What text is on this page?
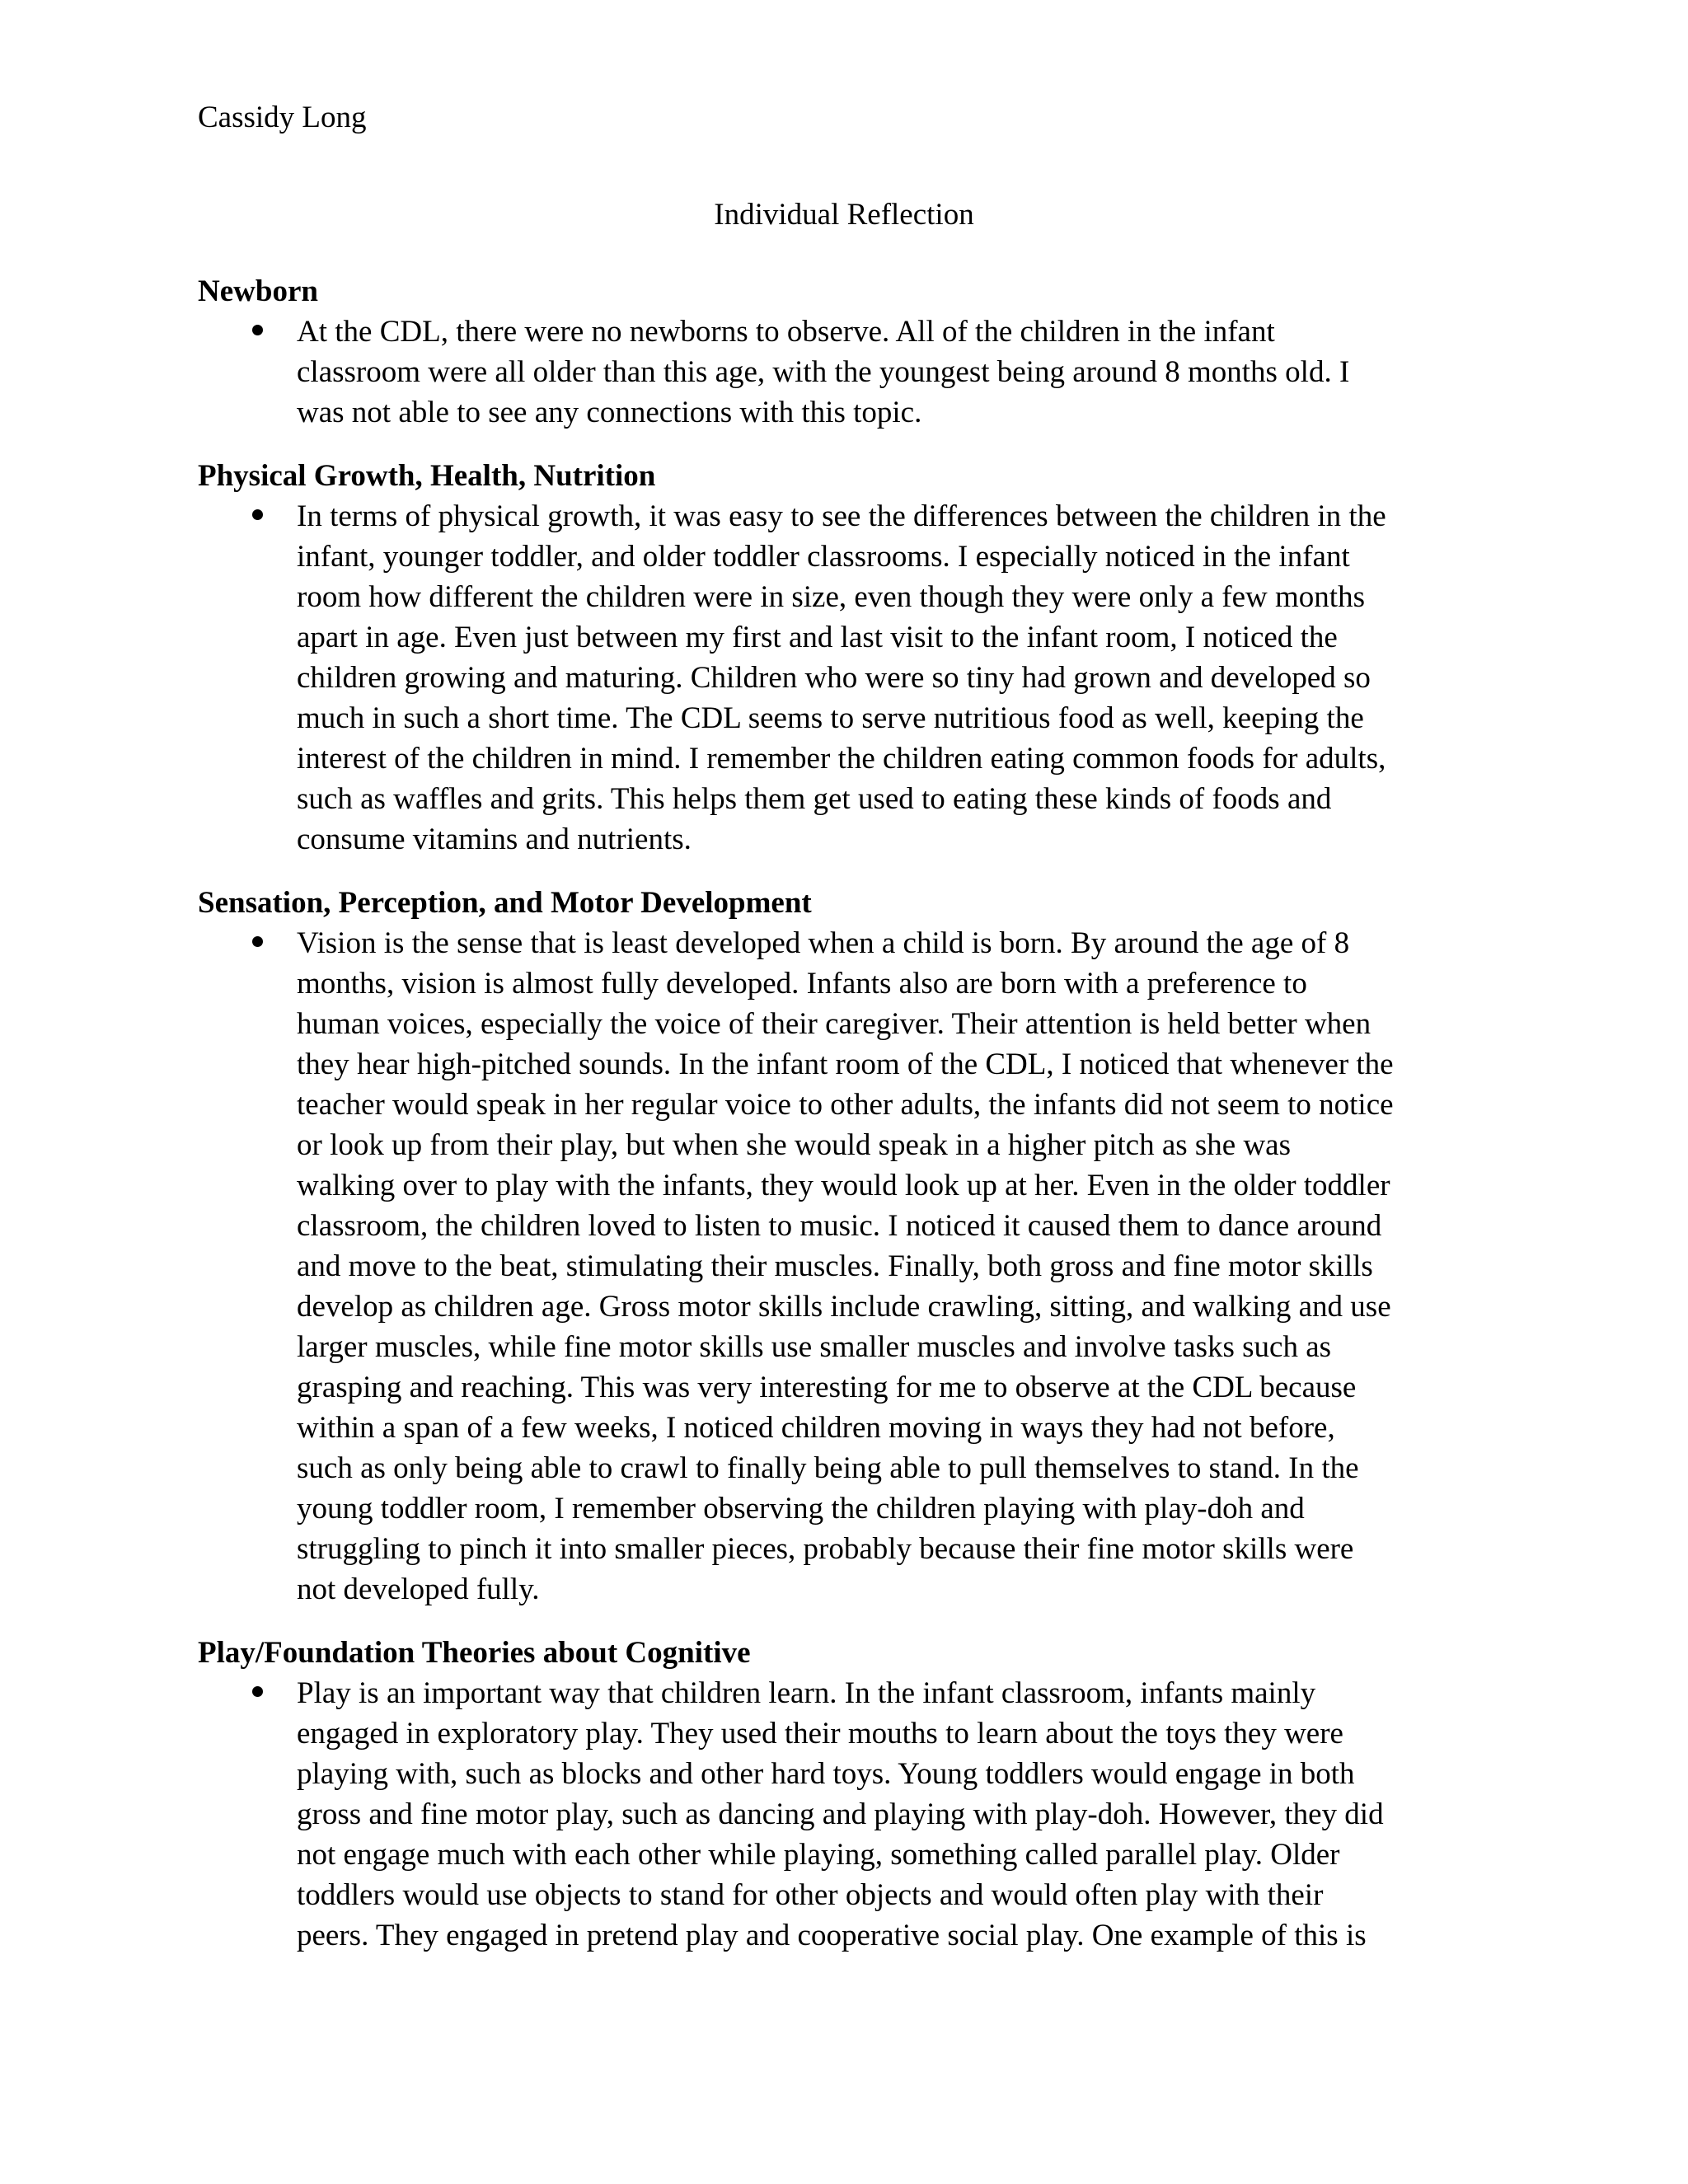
Cassidy Long
Individual Reflection
Newborn
At the CDL, there were no newborns to observe. All of the children in the infant
classroom were all older than this age, with the youngest being around 8 months old. I
was not able to see any connections with this topic.
Physical Growth, Health, Nutrition
In terms of physical growth, it was easy to see the differences between the children in the
infant, younger toddler, and older toddler classrooms. I especially noticed in the infant
room how different the children were in size, even though they were only a few months
apart in age. Even just between my first and last visit to the infant room, I noticed the
children growing and maturing. Children who were so tiny had grown and developed so
much in such a short time. The CDL seems to serve nutritious food as well, keeping the
interest of the children in mind. I remember the children eating common foods for adults,
such as waffles and grits. This helps them get used to eating these kinds of foods and
consume vitamins and nutrients.
Sensation, Perception, and Motor Development
Vision is the sense that is least developed when a child is born. By around the age of 8
months, vision is almost fully developed. Infants also are born with a preference to
human voices, especially the voice of their caregiver. Their attention is held better when
they hear high-pitched sounds. In the infant room of the CDL, I noticed that whenever the
teacher would speak in her regular voice to other adults, the infants did not seem to notice
or look up from their play, but when she would speak in a higher pitch as she was
walking over to play with the infants, they would look up at her. Even in the older toddler
classroom, the children loved to listen to music. I noticed it caused them to dance around
and move to the beat, stimulating their muscles. Finally, both gross and fine motor skills
develop as children age. Gross motor skills include crawling, sitting, and walking and use
larger muscles, while fine motor skills use smaller muscles and involve tasks such as
grasping and reaching. This was very interesting for me to observe at the CDL because
within a span of a few weeks, I noticed children moving in ways they had not before,
such as only being able to crawl to finally being able to pull themselves to stand. In the
young toddler room, I remember observing the children playing with play-doh and
struggling to pinch it into smaller pieces, probably because their fine motor skills were
not developed fully.
Play/Foundation Theories about Cognitive
Play is an important way that children learn. In the infant classroom, infants mainly
engaged in exploratory play. They used their mouths to learn about the toys they were
playing with, such as blocks and other hard toys. Young toddlers would engage in both
gross and fine motor play, such as dancing and playing with play-doh. However, they did
not engage much with each other while playing, something called parallel play. Older
toddlers would use objects to stand for other objects and would often play with their
peers. They engaged in pretend play and cooperative social play. One example of this is
